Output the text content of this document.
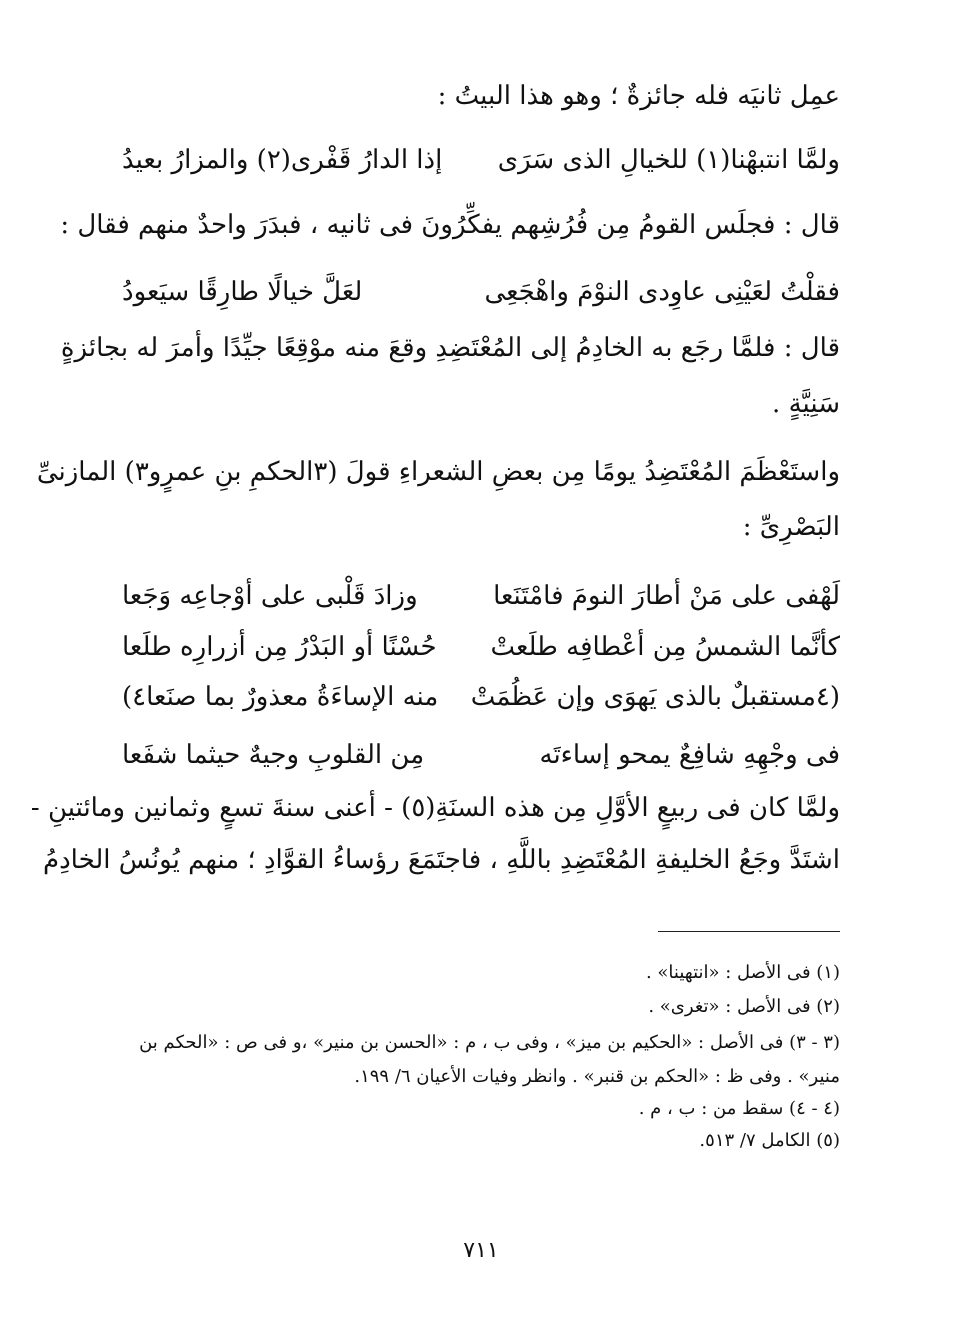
عمِل ثانيَه فله جائزةٌ ؛ وهو هذا البيتُ :
ولمَّا انتبهْنا(١) للخيالِ الذى سَرَى
إذا الدارُ قَفْرى(٢) والمزارُ بعيدُ
قال : فجلَس القومُ مِن فُرُشِهم يفكِّرُونَ فى ثانيه ، فبدَرَ واحدٌ منهم فقال :
فقلْتُ لعَيْنِى عاوِدى النوْمَ واهْجَعِى
لعَلَّ خيالًا طارِقًا سيَعودُ
قال : فلمَّا رجَع به الخادِمُ إلى المُعْتَضِدِ وقعَ منه موْقِعًا جيِّدًا وأمرَ له بجائزةٍ
سَنِيَّةٍ .
واستَعْظَمَ المُعْتَضِدُ يومًا مِن بعضِ الشعراءِ قولَ (٣الحكمِ بنِ عمرٍو٣) المازنىِّ
البَصْرِىِّ :
لَهْفى على مَنْ أطارَ النومَ فامْتَنَعا
وزادَ قَلْبى على أوْجاعِه وَجَعا
كأنَّما الشمسُ مِن أعْطافِه طلَعتْ
حُسْنًا أو البَدْرُ مِن أزرارِه طلَعا
(٤مستقبلٌ بالذى يَهوَى وإن عَظُمَتْ
منه الإساءَةُ معذورٌ بما صنَعا٤)
فى وجْهِهِ شافِعٌ يمحو إساءتَه
مِن القلوبِ وجيهٌ حيثما شفَعا
ولمَّا كان فى ربيعٍ الأوَّلِ مِن هذه السنَةِ(٥) - أعنى سنةَ تسعٍ وثمانين ومائتينِ -
اشتَدَّ وجَعُ الخليفةِ المُعْتَضِدِ باللَّهِ ، فاجتَمَعَ رؤساءُ القوَّادِ ؛ منهم يُونُسُ الخادِمُ
(١) فى الأصل : «انتهينا» .
(٢) فى الأصل : «تغرى» .
(٣ - ٣) فى الأصل : «الحكيم بن ميز» ، وفى ب ، م : «الحسن بن منير» ،و فى ص : «الحكم بن
منير» . وفى ظ : «الحكم بن قنبر» . وانظر وفيات الأعيان ٦/ ١٩٩.
(٤ - ٤) سقط من : ب ، م .
(٥) الكامل ٧/ ٥١٣.
٧١١
